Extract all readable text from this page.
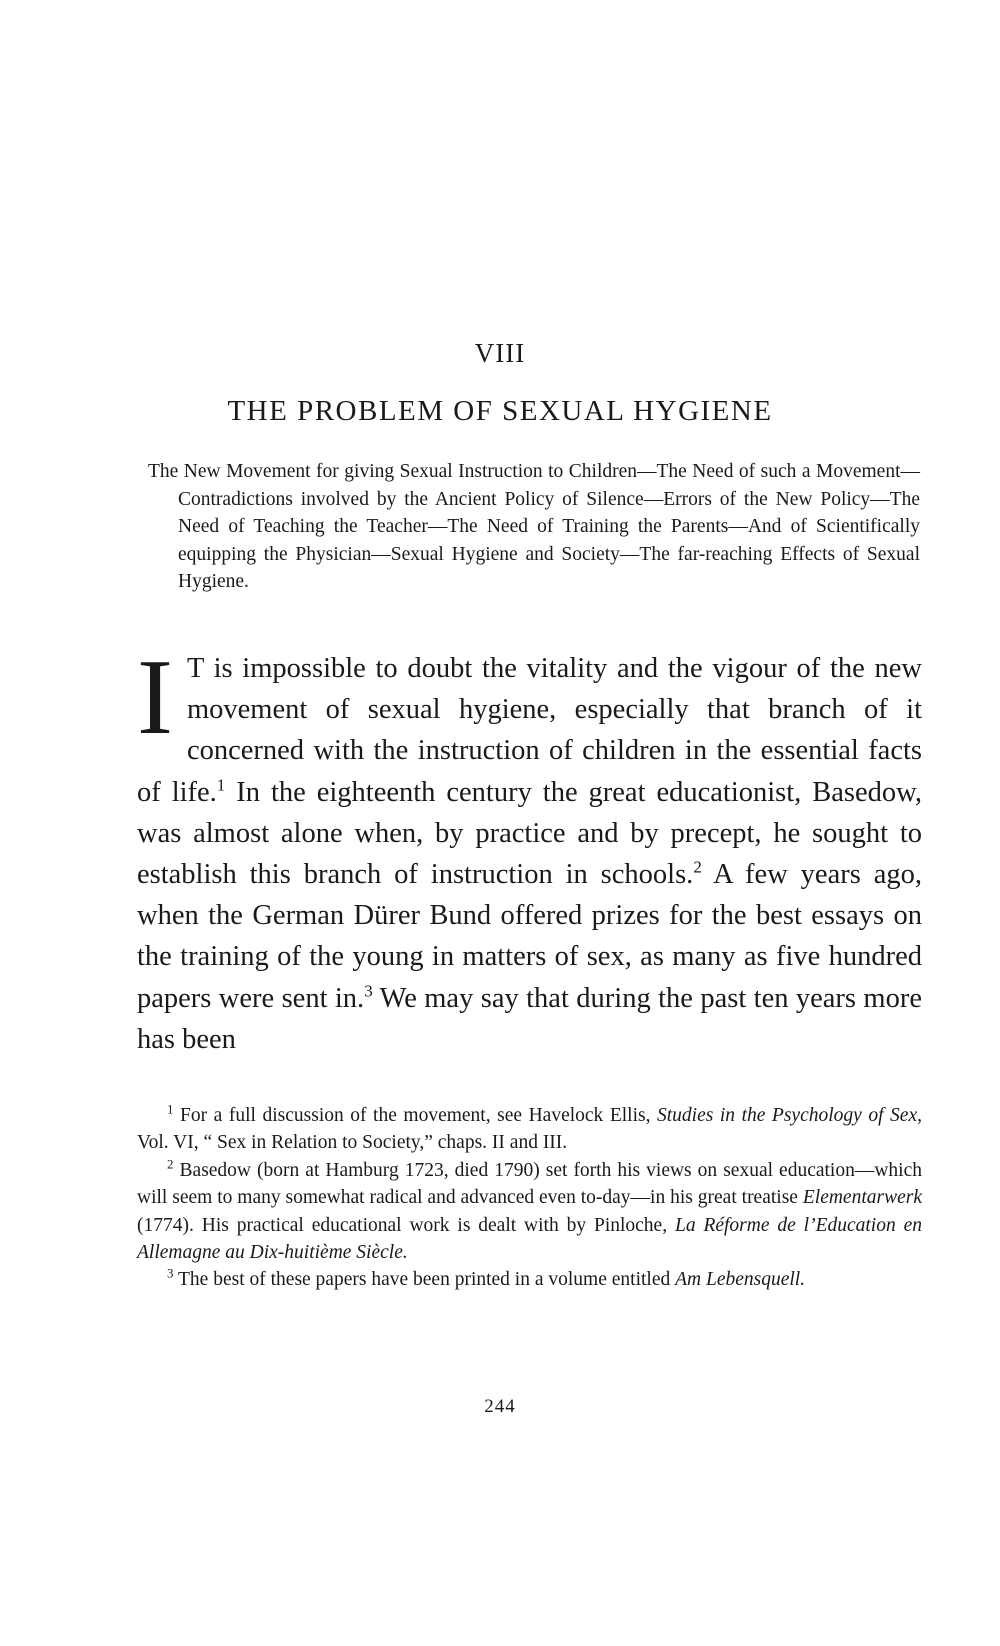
VIII
THE PROBLEM OF SEXUAL HYGIENE
The New Movement for giving Sexual Instruction to Children—The Need of such a Movement—Contradictions involved by the Ancient Policy of Silence—Errors of the New Policy—The Need of Teaching the Teacher—The Need of Training the Parents—And of Scientifically equipping the Physician—Sexual Hygiene and Society—The far-reaching Effects of Sexual Hygiene.
I T is impossible to doubt the vitality and the vigour of the new movement of sexual hygiene, especially that branch of it concerned with the instruction of children in the essential facts of life.$^1$ In the eighteenth century the great educationist, Basedow, was almost alone when, by practice and by precept, he sought to establish this branch of instruction in schools.$^2$ A few years ago, when the German Dürer Bund offered prizes for the best essays on the training of the young in matters of sex, as many as five hundred papers were sent in.$^3$ We may say that during the past ten years more has been

$^1$ For a full discussion of the movement, see Havelock Ellis, Studies in the Psychology of Sex, Vol. VI, “ Sex in Relation to Society,” chaps. II and III.

$^2$ Basedow (born at Hamburg 1723, died 1790) set forth his views on sexual education—which will seem to many somewhat radical and advanced even to-day—in his great treatise Elementarwerk (1774). His practical educational work is dealt with by Pinloche, La Réforme de l’Education en Allemagne au Dix-huitième Siècle.

$^3$ The best of these papers have been printed in a volume entitled Am Lebensquell.

244
